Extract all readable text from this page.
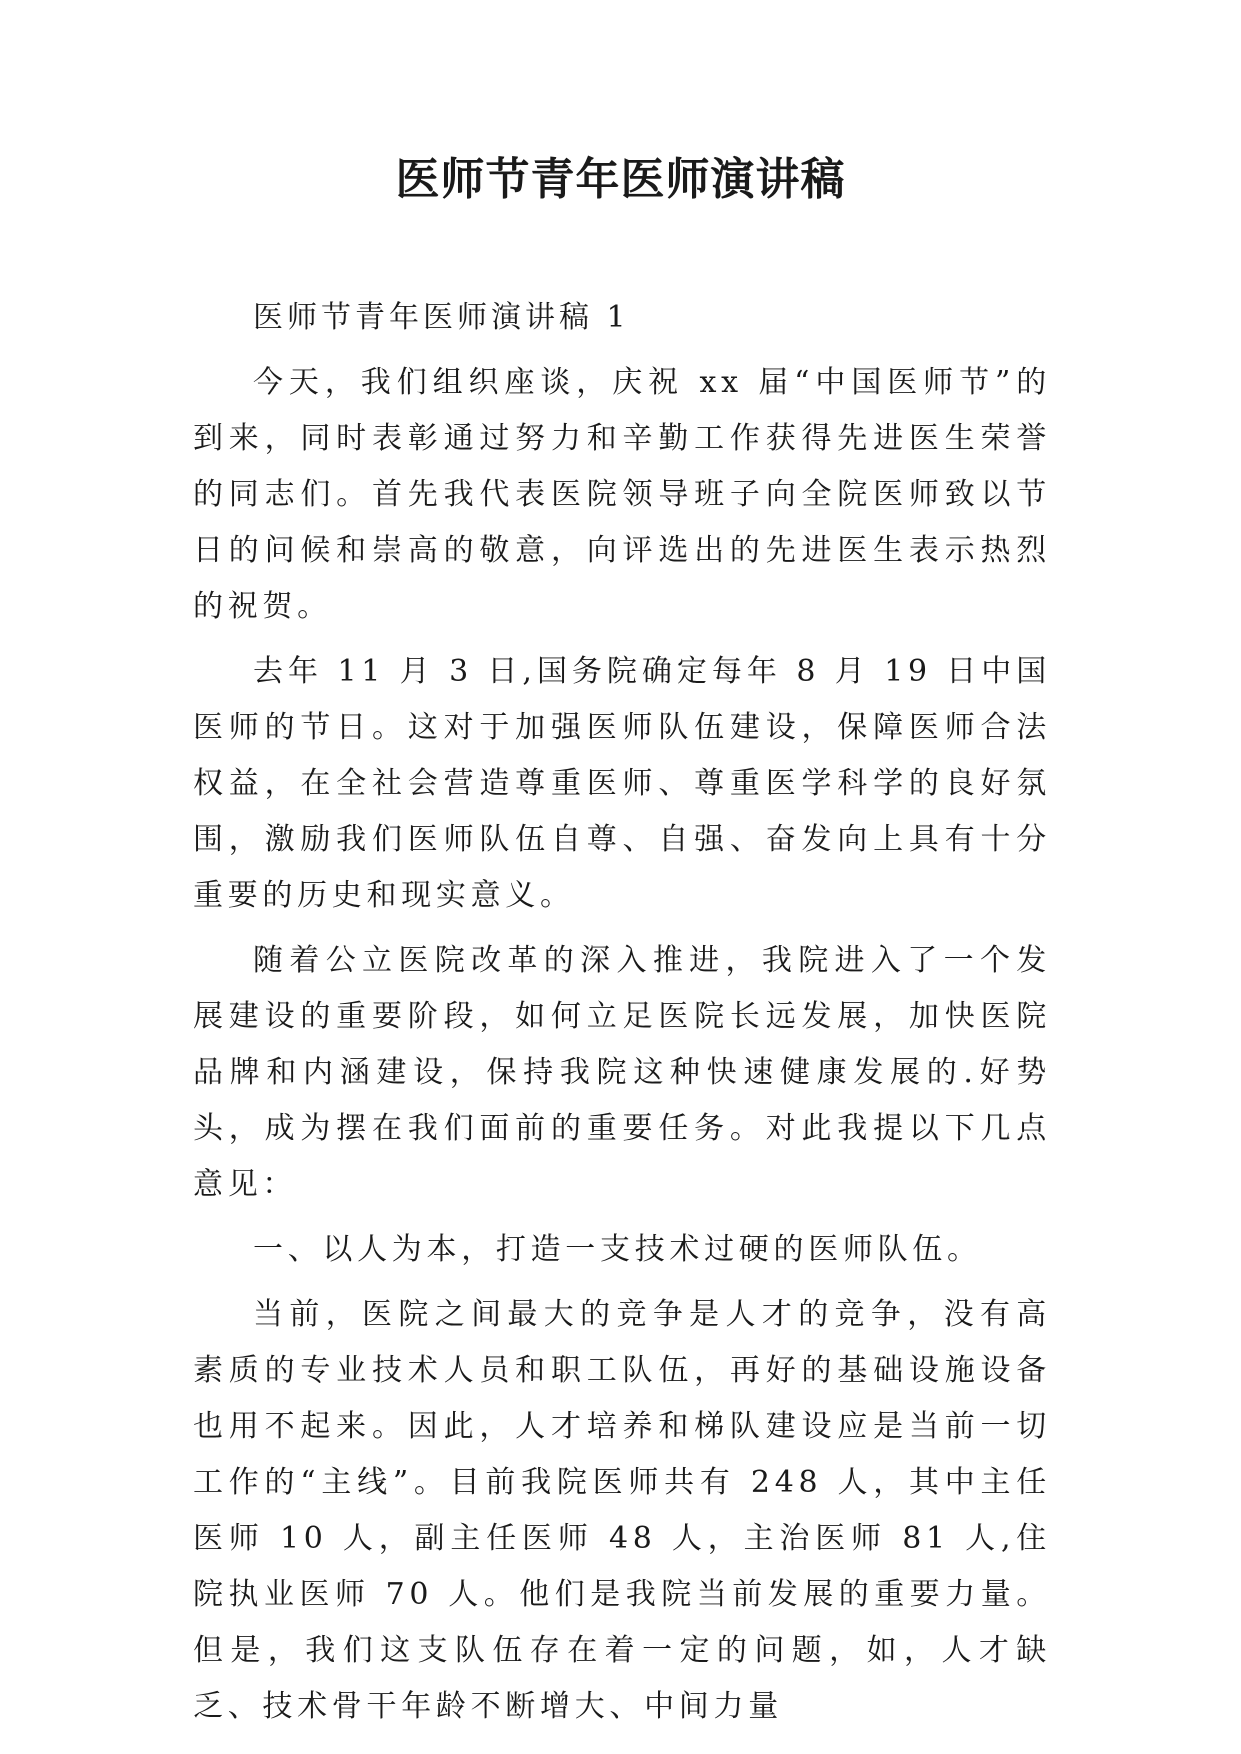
医师节青年医师演讲稿

医师节青年医师演讲稿 1

今天，我们组织座谈，庆祝 xx 届“中国医师节”的到来，同时表彰通过努力和辛勤工作获得先进医生荣誉的同志们。首先我代表医院领导班子向全院医师致以节日的问候和崇高的敬意，向评选出的先进医生表示热烈的祝贺。

去年 11 月 3 日,国务院确定每年 8 月 19 日中国医师的节日。这对于加强医师队伍建设，保障医师合法权益，在全社会营造尊重医师、尊重医学科学的良好氛围，激励我们医师队伍自尊、自强、奋发向上具有十分重要的历史和现实意义。

随着公立医院改革的深入推进，我院进入了一个发展建设的重要阶段，如何立足医院长远发展，加快医院品牌和内涵建设，保持我院这种快速健康发展的.好势头，成为摆在我们面前的重要任务。对此我提以下几点意见：

一、以人为本，打造一支技术过硬的医师队伍。

当前，医院之间最大的竞争是人才的竞争，没有高素质的专业技术人员和职工队伍，再好的基础设施设备也用不起来。因此，人才培养和梯队建设应是当前一切工作的“主线”。目前我院医师共有 248 人，其中主任医师 10 人，副主任医师 48 人，主治医师 81 人,住院执业医师 70 人。他们是我院当前发展的重要力量。但是，我们这支队伍存在着一定的问题，如，人才缺乏、技术骨干年龄不断增大、中间力量
